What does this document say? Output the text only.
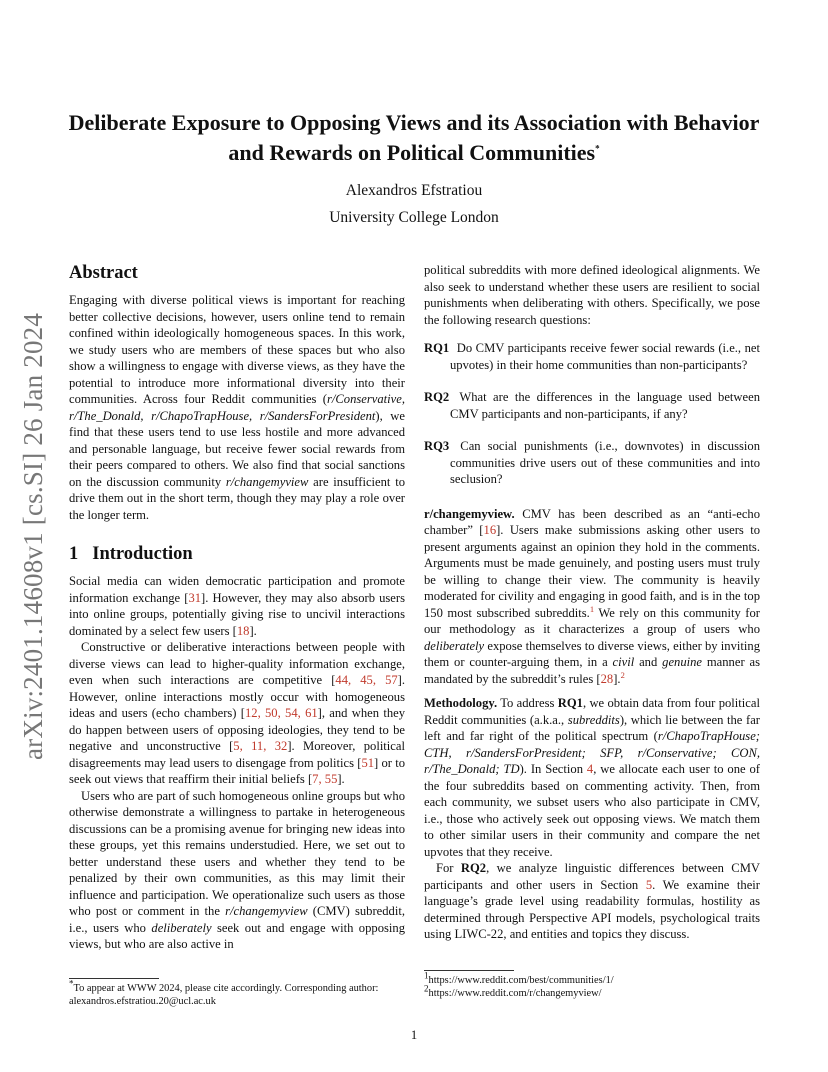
Deliberate Exposure to Opposing Views and its Association with Behavior and Rewards on Political Communities*
Alexandros Efstratiou
University College London
arXiv:2401.14608v1 [cs.SI] 26 Jan 2024
Abstract

Engaging with diverse political views is important for reaching better collective decisions, however, users online tend to remain confined within ideologically homogeneous spaces. In this work, we study users who are members of these spaces but who also show a willingness to engage with diverse views, as they have the potential to introduce more informational diversity into their communities. Across four Reddit communities (r/Conservative, r/The_Donald, r/ChapoTrapHouse, r/SandersForPresident), we find that these users tend to use less hostile and more advanced and personable language, but receive fewer social rewards from their peers compared to others. We also find that social sanctions on the discussion community r/changemyview are insufficient to drive them out in the short term, though they may play a role over the longer term.

1 Introduction

Social media can widen democratic participation and promote information exchange [31]. However, they may also absorb users into online groups, potentially giving rise to uncivil interactions dominated by a select few users [18].

Constructive or deliberative interactions between people with diverse views can lead to higher-quality information exchange, even when such interactions are competitive [44, 45, 57]. However, online interactions mostly occur with homogeneous ideas and users (echo chambers) [12, 50, 54, 61], and when they do happen between users of opposing ideologies, they tend to be negative and unconstructive [5, 11, 32]. Moreover, political disagreements may lead users to disengage from politics [51] or to seek out views that reaffirm their initial beliefs [7, 55].

Users who are part of such homogeneous online groups but who otherwise demonstrate a willingness to partake in heterogeneous discussions can be a promising avenue for bringing new ideas into these groups, yet this remains understudied. Here, we set out to better understand these users and whether they tend to be penalized by their own communities, as this may limit their influence and participation. We operationalize such users as those who post or comment in the r/changemyview (CMV) subreddit, i.e., users who deliberately seek out and engage with opposing views, but who are also active in

*To appear at WWW 2024, please cite accordingly. Corresponding author: alexandros.efstratiou.20@ucl.ac.uk

political subreddits with more defined ideological alignments. We also seek to understand whether these users are resilient to social punishments when deliberating with others. Specifically, we pose the following research questions:

RQ1 Do CMV participants receive fewer social rewards (i.e., net upvotes) in their home communities than non-participants?
RQ2 What are the differences in the language used between CMV participants and non-participants, if any?
RQ3 Can social punishments (i.e., downvotes) in discussion communities drive users out of these communities and into seclusion?

r/changemyview. CMV has been described as an “anti-echo chamber” [16]. Users make submissions asking other users to present arguments against an opinion they hold in the comments. Arguments must be made genuinely, and posting users must truly be willing to change their view. The community is heavily moderated for civility and engaging in good faith, and is in the top 150 most subscribed subreddits.$^1$ We rely on this community for our methodology as it characterizes a group of users who deliberately expose themselves to diverse views, either by inviting them or counter-arguing them, in a civil and genuine manner as mandated by the subreddit’s rules [28].$^2$

Methodology. To address RQ1, we obtain data from four political Reddit communities (a.k.a., subreddits), which lie between the far left and far right of the political spectrum (r/ChapoTrapHouse; CTH, r/SandersForPresident; SFP, r/Conservative; CON, r/The_Donald; TD). In Section 4, we allocate each user to one of the four subreddits based on commenting activity. Then, from each community, we subset users who also participate in CMV, i.e., those who actively seek out opposing views. We match them to other similar users in their community and compare the net upvotes that they receive.

For RQ2, we analyze linguistic differences between CMV participants and other users in Section 5. We examine their language’s grade level using readability formulas, hostility as determined through Perspective API models, psychological traits using LIWC-22, and entities and topics they discuss.

1https://www.reddit.com/best/communities/1/
2https://www.reddit.com/r/changemyview/
1
